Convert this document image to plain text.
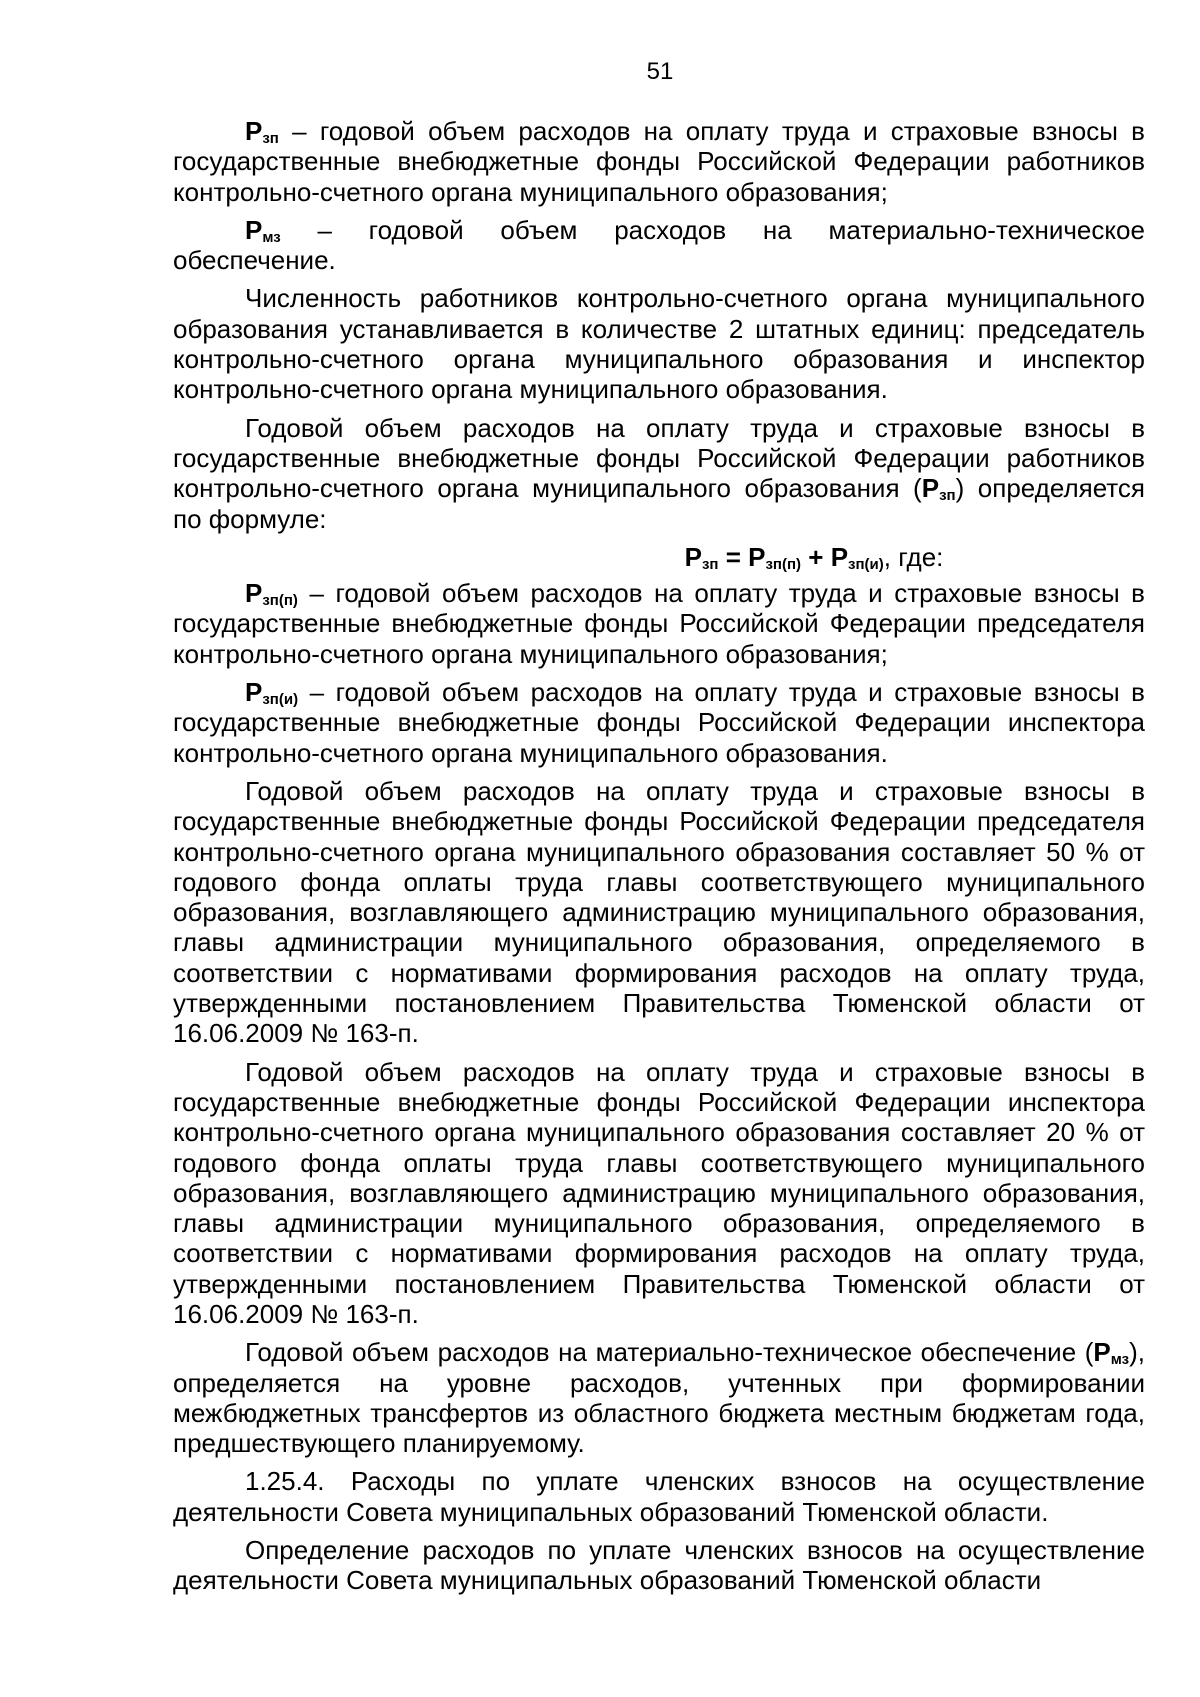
51

$Р_{зп}$ – годовой объем расходов на оплату труда и страховые взносы в государственные внебюджетные фонды Российской Федерации работников контрольно-счетного органа муниципального образования;

$Р_{мз}$ – годовой объем расходов на материально-техническое
обеспечение.

Численность работников контрольно-счетного органа муниципального образования устанавливается в количестве 2 штатных единиц: председатель контрольно-счетного органа муниципального образования и инспектор контрольно-счетного органа муниципального образования.

Годовой объем расходов на оплату труда и страховые взносы в государственные внебюджетные фонды Российской Федерации работников контрольно-счетного органа муниципального образования $(Р_{зп})$ определяется по формуле:

$Р_{зп} = Р_{зп(п)} + Р_{зп(и)}$, где:

$Р_{зп(п)}$ – годовой объем расходов на оплату труда и страховые взносы в государственные внебюджетные фонды Российской Федерации председателя контрольно-счетного органа муниципального образования;

$Р_{зп(и)}$ – годовой объем расходов на оплату труда и страховые взносы в государственные внебюджетные фонды Российской Федерации инспектора контрольно-счетного органа муниципального образования.

Годовой объем расходов на оплату труда и страховые взносы в государственные внебюджетные фонды Российской Федерации председателя контрольно-счетного органа муниципального образования составляет 50 % от годового фонда оплаты труда главы соответствующего муниципального образования, возглавляющего администрацию муниципального образования, главы администрации муниципального образования, определяемого в соответствии с нормативами формирования расходов на оплату труда, утвержденными постановлением Правительства Тюменской области от 16.06.2009 № 163-п.

Годовой объем расходов на оплату труда и страховые взносы в государственные внебюджетные фонды Российской Федерации инспектора контрольно-счетного органа муниципального образования составляет 20 % от годового фонда оплаты труда главы соответствующего муниципального образования, возглавляющего администрацию муниципального образования, главы администрации муниципального образования, определяемого в соответствии с нормативами формирования расходов на оплату труда, утвержденными постановлением Правительства Тюменской области от 16.06.2009 № 163-п.

Годовой объем расходов на материально-техническое обеспечение $(Р_{мз})$, определяется на уровне расходов, учтенных при формировании межбюджетных трансфертов из областного бюджета местным бюджетам года, предшествующего планируемому.

1.25.4. Расходы по уплате членских взносов на осуществление деятельности Совета муниципальных образований Тюменской области.

Определение расходов по уплате членских взносов на осуществление деятельности Совета муниципальных образований Тюменской области
